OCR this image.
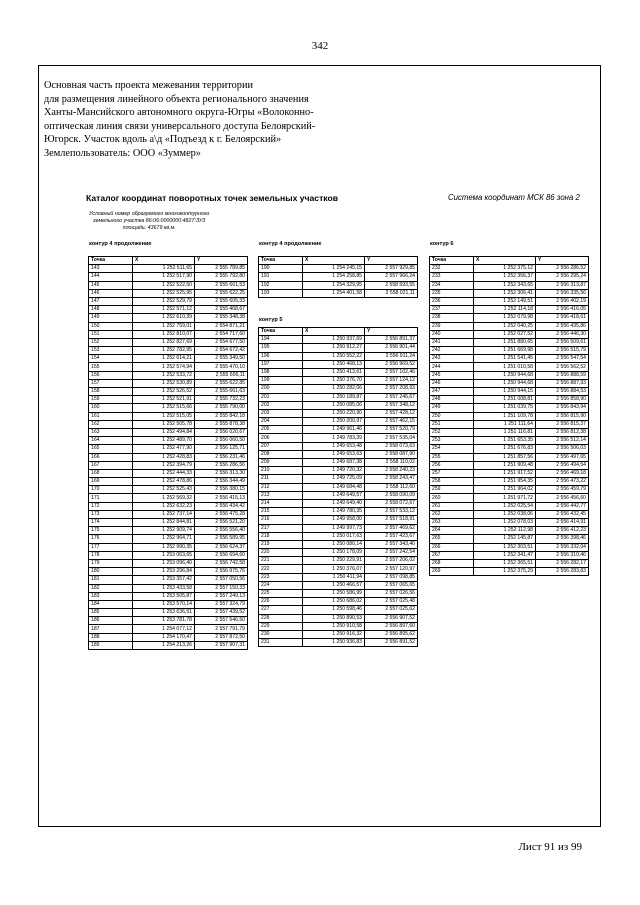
342
Основная часть проекта межевания территории
для размещения линейного объекта регионального значения
Ханты-Мансийского автономного округа-Югры «Волоконно-
оптическая линия связи универсального доступа Белоярский-
Югорск. Участок вдоль а\д «Подъезд к г. Белоярский»
Землепользователь: ООО «Зуммер»
Каталог координат поворотных точек земельных участков	Система координат МСК 86 зона 2
Условный номер образуемого многоконтурного
земельного участка 86:06:0000000:4827:ЗУ3
площадь: 43679 кв.м.
контур 4 продолжение
Точка	X	Y
143	1 252 511,65	2 555 789,85
144	1 252 517,90	2 555 792,80
145	1 252 522,50	2 555 661,53
146	1 252 525,95	2 555 622,25
147	1 252 529,79	2 555 605,33
148	1 252 571,12	2 555 468,67
149	1 252 610,39	2 555 348,38
150	1 252 759,01	2 554 871,21
151	1 252 810,07	2 554 717,60
152	1 252 827,69	2 554 677,50
153	1 252 782,95	2 554 672,42
154	1 252 614,21	2 555 349,50
155	1 252 574,94	2 555 470,10
156	1 252 533,72	2 555 606,11
157	1 252 530,89	2 555 622,85
158	1 252 526,52	2 555 661,63
159	1 252 521,91	2 555 732,23
160	1 252 515,66	2 555 790,00
161	1 252 515,05	2 555 842,18
162	1 252 505,78	2 555 878,38
163	1 252 494,84	2 556 020,67
164	1 252 489,70	2 556 060,50
165	1 252 477,90	2 556 125,71
166	1 252 428,83	2 556 231,46
167	1 252 394,79	2 556 286,56
168	1 252 444,33	2 556 313,30
169	1 252 478,86	2 556 344,49
170	1 252 525,43	2 556 380,15
171	1 252 569,32	2 556 415,13
172	1 252 632,23	2 556 434,42
173	1 252 737,14	2 556 475,28
174	1 252 844,81	2 556 521,20
175	1 252 909,74	2 556 556,40
176	1 252 964,71	2 556 589,95
177	1 252 990,35	2 556 624,37
178	1 253 063,65	2 556 694,60
179	1 253 096,40	2 556 742,58
180	1 253 296,84	2 556 975,76
181	1 253 357,42	2 557 050,56
182	1 253 433,58	2 557 150,33
183	1 253 505,87	2 557 249,13
184	1 253 570,14	2 557 324,79
185	1 253 636,51	2 557 439,52
186	1 253 781,78	2 557 546,50
187	1 254 077,12	2 557 791,79
188	1 254 170,47	2 557 872,50
189	1 254 213,26	2 557 907,31
контур 4 продолжение
Точка	X	Y
190	1 254 245,15	2 557 929,85
191	1 254 258,85	2 557 966,24
192	1 254 329,95	2 558 593,55
193	1 254 401,58	2 558 021,11
контур 5
Точка	X	Y
194	1 250 937,69	2 556 891,37
195	1 250 912,27	2 556 901,44
196	1 250 552,22	2 556 911,24
197	1 250 468,13	2 556 969,52
198	1 250 413,61	2 557 102,46
199	1 250 376,70	2 557 124,12
200	1 250 282,06	2 557 208,93
201	1 250 189,87	2 557 246,67
202	1 250 085,06	2 557 348,12
203	1 250 220,90	2 557 428,12
204	1 250 200,97	2 557 462,15
205	1 249 961,46	2 557 520,79
206	1 249 783,39	2 557 535,04
207	1 249 653,48	2 558 073,63
208	1 249 653,63	2 558 087,90
209	1 249 687,38	2 558 110,02
210	1 249 720,32	2 558 240,23
211	1 249 725,09	2 558 243,47
212	1 249 684,48	2 558 112,60
213	1 249 649,57	2 558 090,09
214	1 249 649,40	2 558 072,67
215	1 249 780,35	2 557 533,12
216	1 249 958,00	2 557 518,91
217	1 249 997,73	2 557 469,62
218	1 250 017,63	2 557 423,67
219	1 250 080,14	2 557 343,40
220	1 250 178,09	2 557 242,54
221	1 250 229,91	2 557 206,02
222	1 250 376,07	2 557 120,97
223	1 250 411,94	2 557 098,85
224	1 250 466,57	2 557 065,65
225	1 250 586,99	2 557 026,56
226	1 250 686,02	2 557 025,48
227	1 250 598,46	2 557 025,62
228	1 250 890,53	2 556 907,52
229	1 250 910,58	2 556 897,60
230	1 250 916,32	2 556 895,62
231	1 250 936,83	2 556 891,52
контур 6
Точка	X	Y
232	1 252 375,12	2 556 286,52
233	1 252 356,37	2 556 295,24
234	1 252 343,65	2 556 313,87
235	1 252 306,41	2 556 335,56
236	1 252 149,51	2 556 402,19
237	1 252 114,18	2 556 416,05
238	1 252 079,98	2 556 418,61
239	1 252 040,25	2 556 435,86
240	1 252 027,52	2 556 446,30
241	1 251 880,65	2 556 509,61
242	1 251 669,98	2 556 515,79
243	1 251 541,45	2 556 547,54
244	1 251 010,58	2 556 562,52
245	1 250 944,68	2 556 888,59
246	1 250 944,68	2 556 887,93
247	1 250 944,15	2 556 884,53
248	1 251 008,81	2 556 858,90
249	1 251 039,75	2 556 843,94
250	1 251 109,78	2 556 815,90
251	1 251 111,64	2 556 815,37
252	1 251 116,81	2 556 812,38
253	1 251 653,35	2 556 512,14
254	1 251 676,83	2 556 506,03
255	1 251 857,56	2 556 497,65
256	1 251 909,48	2 556 494,54
257	1 251 917,52	2 556 469,18
258	1 251 954,35	2 556 473,22
259	1 251 964,02	2 556 459,79
260	1 251 971,72	2 556 456,60
261	1 252 025,54	2 556 442,77
262	1 252 038,06	2 556 432,45
263	1 252 078,03	2 556 414,91
264	1 252 112,98	2 556 412,23
265	1 252 145,87	2 556 398,46
266	1 252 303,51	2 556 332,04
267	1 252 341,47	2 556 310,46
268	1 252 365,51	2 556 282,17
269	1 252 375,29	2 556 283,83
Лист 91 из 99
